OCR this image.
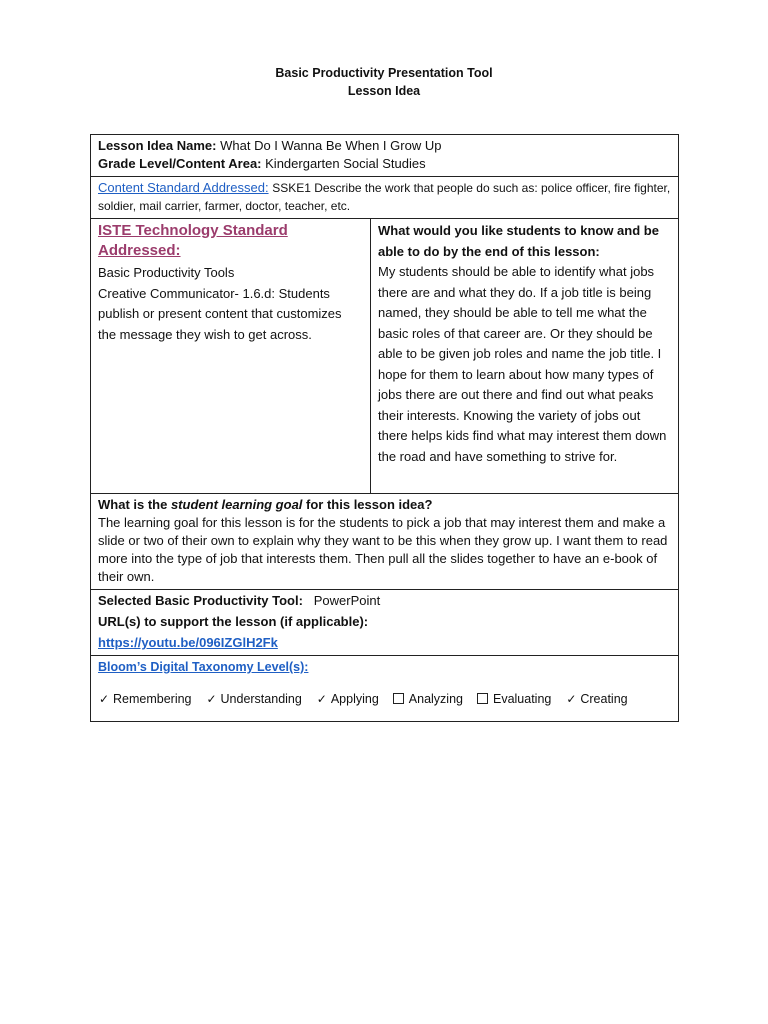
Basic Productivity Presentation Tool
Lesson Idea
Lesson Idea Name: What Do I Wanna Be When I Grow Up
Grade Level/Content Area: Kindergarten Social Studies

Content Standard Addressed: SSKE1 Describe the work that people do such as: police officer, fire fighter, soldier, mail carrier, farmer, doctor, teacher, etc.
ISTE Technology Standard Addressed:
Basic Productivity Tools
Creative Communicator- 1.6.d: Students publish or present content that customizes the message they wish to get across.

What would you like students to know and be able to do by the end of this lesson:
My students should be able to identify what jobs there are and what they do. If a job title is being named, they should be able to tell me what the basic roles of that career are. Or they should be able to be given job roles and name the job title. I hope for them to learn about how many types of jobs there are out there and find out what peaks their interests. Knowing the variety of jobs out there helps kids find what may interest them down the road and have something to strive for.

What is the student learning goal for this lesson idea?
The learning goal for this lesson is for the students to pick a job that may interest them and make a slide or two of their own to explain why they want to be this when they grow up. I want them to read more into the type of job that interests them. Then pull all the slides together to have an e-book of their own.

Selected Basic Productivity Tool: PowerPoint
URL(s) to support the lesson (if applicable):
https://youtu.be/096IZGlH2Fk

Bloom’s Digital Taxonomy Level(s):
✓ Remembering ✓ Understanding ✓ Applying Analyzing Evaluating ✓ Creating
